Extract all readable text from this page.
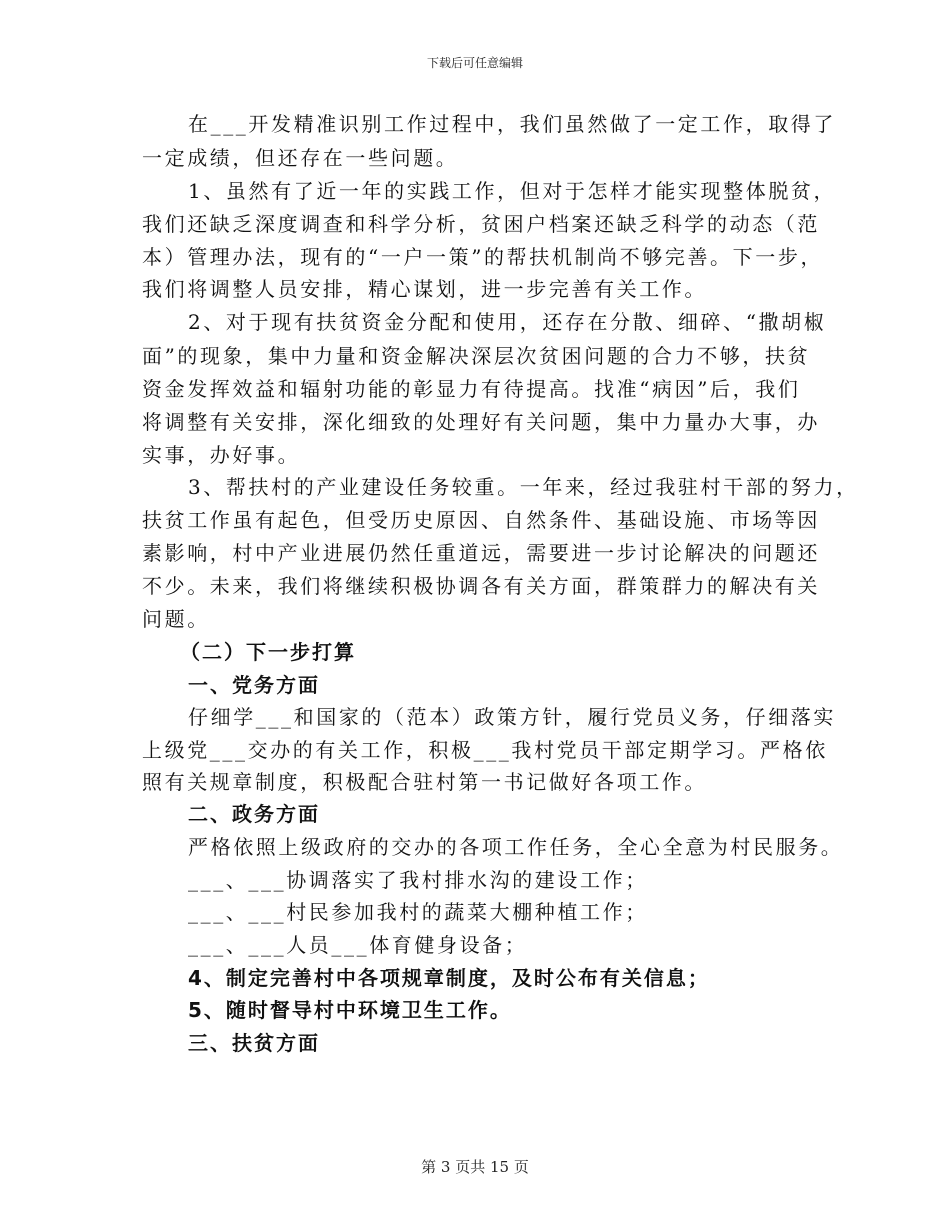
下载后可任意编辑
在___开发精准识别工作过程中，我们虽然做了一定工作，取得了
一定成绩，但还存在一些问题。
1、虽然有了近一年的实践工作，但对于怎样才能实现整体脱贫，
我们还缺乏深度调查和科学分析，贫困户档案还缺乏科学的动态（范
本）管理办法，现有的“一户一策”的帮扶机制尚不够完善。下一步，
我们将调整人员安排，精心谋划，进一步完善有关工作。
2、对于现有扶贫资金分配和使用，还存在分散、细碎、“撒胡椒
面”的现象，集中力量和资金解决深层次贫困问题的合力不够，扶贫
资金发挥效益和辐射功能的彰显力有待提高。找准“病因”后，我们
将调整有关安排，深化细致的处理好有关问题，集中力量办大事，办
实事，办好事。
3、帮扶村的产业建设任务较重。一年来，经过我驻村干部的努力，
扶贫工作虽有起色，但受历史原因、自然条件、基础设施、市场等因
素影响，村中产业进展仍然任重道远，需要进一步讨论解决的问题还
不少。未来，我们将继续积极协调各有关方面，群策群力的解决有关
问题。
（二）下一步打算
一、党务方面
仔细学___和国家的（范本）政策方针，履行党员义务，仔细落实
上级党___交办的有关工作，积极___我村党员干部定期学习。严格依
照有关规章制度，积极配合驻村第一书记做好各项工作。
二、政务方面
严格依照上级政府的交办的各项工作任务，全心全意为村民服务。
___、___协调落实了我村排水沟的建设工作；
___、___村民参加我村的蔬菜大棚种植工作；
___、___人员___体育健身设备；
4、制定完善村中各项规章制度，及时公布有关信息；
5、随时督导村中环境卫生工作。
三、扶贫方面
第 3 页共 15 页
